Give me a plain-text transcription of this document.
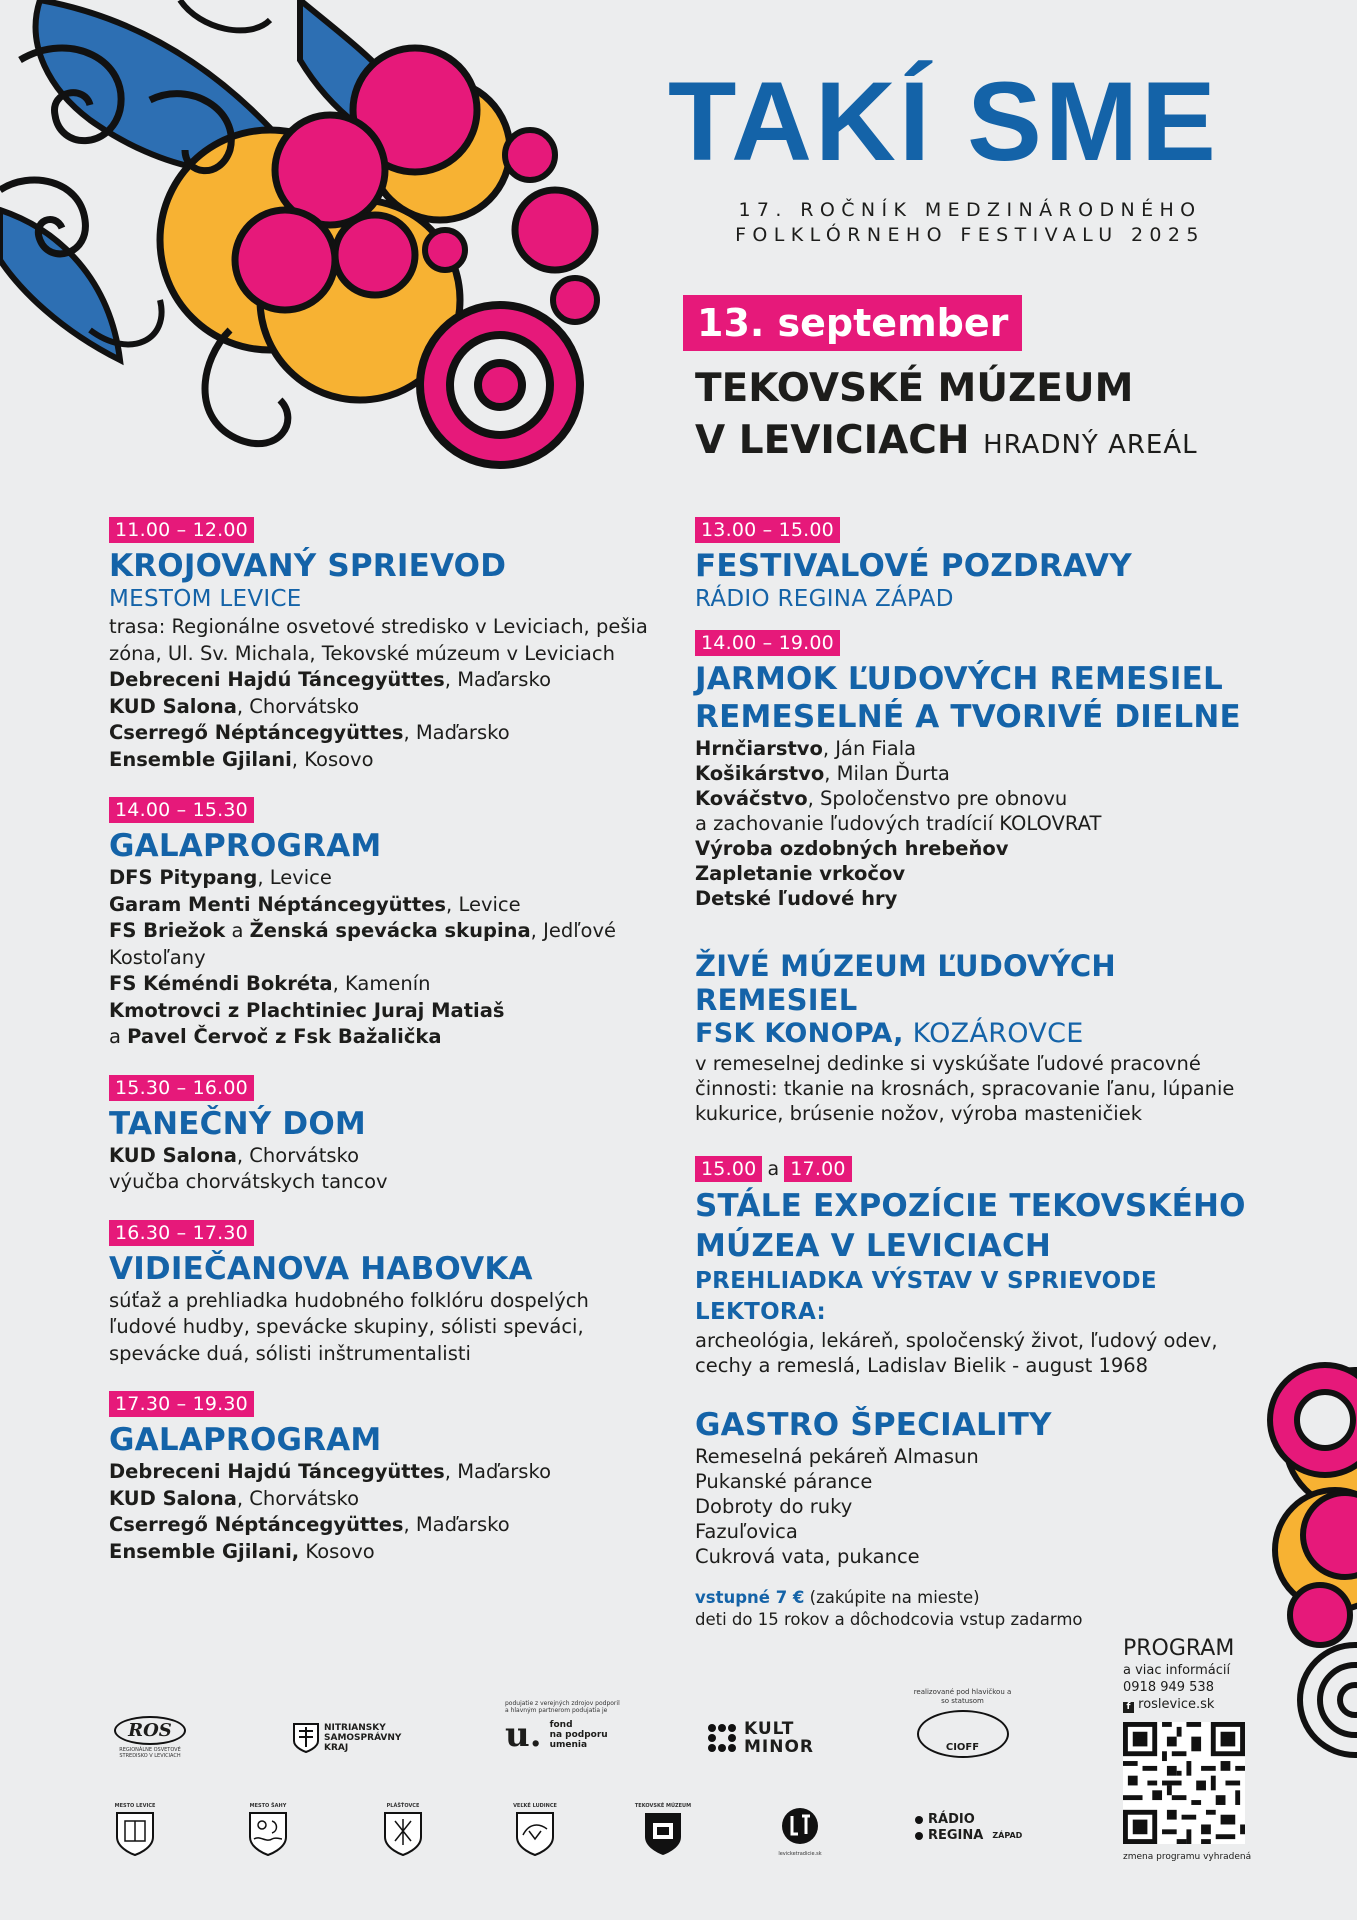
TAKÍ SME
17. ROČNÍK MEDZINÁRODNÉHO
FOLKLÓRNEHO FESTIVALU 2025
13. september
TEKOVSKÉ MÚZEUM
V LEVICIACH HRADNÝ AREÁL
11.00 – 12.00
KROJOVANÝ SPRIEVOD
MESTOM LEVICE
trasa: Regionálne osvetové stredisko v Leviciach, pešia
zóna, Ul. Sv. Michala, Tekovské múzeum v Leviciach
Debreceni Hajdú Táncegyüttes, Maďarsko
KUD Salona, Chorvátsko
Cserregő Néptáncegyüttes, Maďarsko
Ensemble Gjilani, Kosovo
14.00 – 15.30
GALAPROGRAM
DFS Pitypang, Levice
Garam Menti Néptáncegyüttes, Levice
FS Briežok a Ženská spevácka skupina, Jedľové
Kostoľany
FS Kéméndi Bokréta, Kamenín
Kmotrovci z Plachtiniec Juraj Matiaš
a Pavel Červoč z Fsk Bažalička
15.30 – 16.00
TANEČNÝ DOM
KUD Salona, Chorvátsko
výučba chorvátskych tancov
16.30 – 17.30
VIDIEČANOVA HABOVKA
súťaž a prehliadka hudobného folklóru dospelých
ľudové hudby, spevácke skupiny, sólisti speváci,
spevácke duá, sólisti inštrumentalisti
17.30 – 19.30
GALAPROGRAM
Debreceni Hajdú Táncegyüttes, Maďarsko
KUD Salona, Chorvátsko
Cserregő Néptáncegyüttes, Maďarsko
Ensemble Gjilani, Kosovo
13.00 – 15.00
FESTIVALOVÉ POZDRAVY
RÁDIO REGINA ZÁPAD
14.00 – 19.00
JARMOK ĽUDOVÝCH REMESIEL
REMESELNÉ A TVORIVÉ DIELNE
Hrnčiarstvo, Ján Fiala
Košikárstvo, Milan Ďurta
Kováčstvo, Spoločenstvo pre obnovu
a zachovanie ľudových tradícií KOLOVRAT
Výroba ozdobných hrebeňov
Zapletanie vrkočov
Detské ľudové hry
ŽIVÉ MÚZEUM ĽUDOVÝCH REMESIEL
FSK KONOPA, KOZÁROVCE
v remeselnej dedinke si vyskúšate ľudové pracovné
činnosti: tkanie na krosnách, spracovanie ľanu, lúpanie
kukurice, brúsenie nožov, výroba masteničiek
15.00 a 17.00
STÁLE EXPOZÍCIE TEKOVSKÉHO
MÚZEA V LEVICIACH
PREHLIADKA VÝSTAV V SPRIEVODE
LEKTORA:
archeológia, lekáreň, spoločenský život, ľudový odev,
cechy a remeslá, Ladislav Bielik - august 1968
GASTRO ŠPECIALITY
Remeselná pekáreň Almasun
Pukanské párance
Dobroty do ruky
Fazuľovica
Cukrová vata, pukance
vstupné 7 € (zakúpite na mieste)
deti do 15 rokov a dôchodcovia vstup zadarmo
PROGRAM
a viac informácií
0918 949 538
f roslevice.sk
zmena programu vyhradená
ROS
REGIONÁLNE OSVETOVÉ STREDISKO V LEVICIACH
NITRIANSKY
SAMOSPRÁVNY
KRAJ
podujatie z verejných zdrojov podporil a hlavným partnerom podujatia je
u. fond
na podporu
umenia
KULT
MINOR
realizované pod hlavičkou a so statusom
CIOFF
MESTO LEVICE	MESTO ŠAHY	PLÁŠŤOVCE	VEĽKÉ LUDINCE	TEKOVSKÉ MÚZEUM
levicketradicie.sk
RÁDIO
REGINA ZÁPAD
